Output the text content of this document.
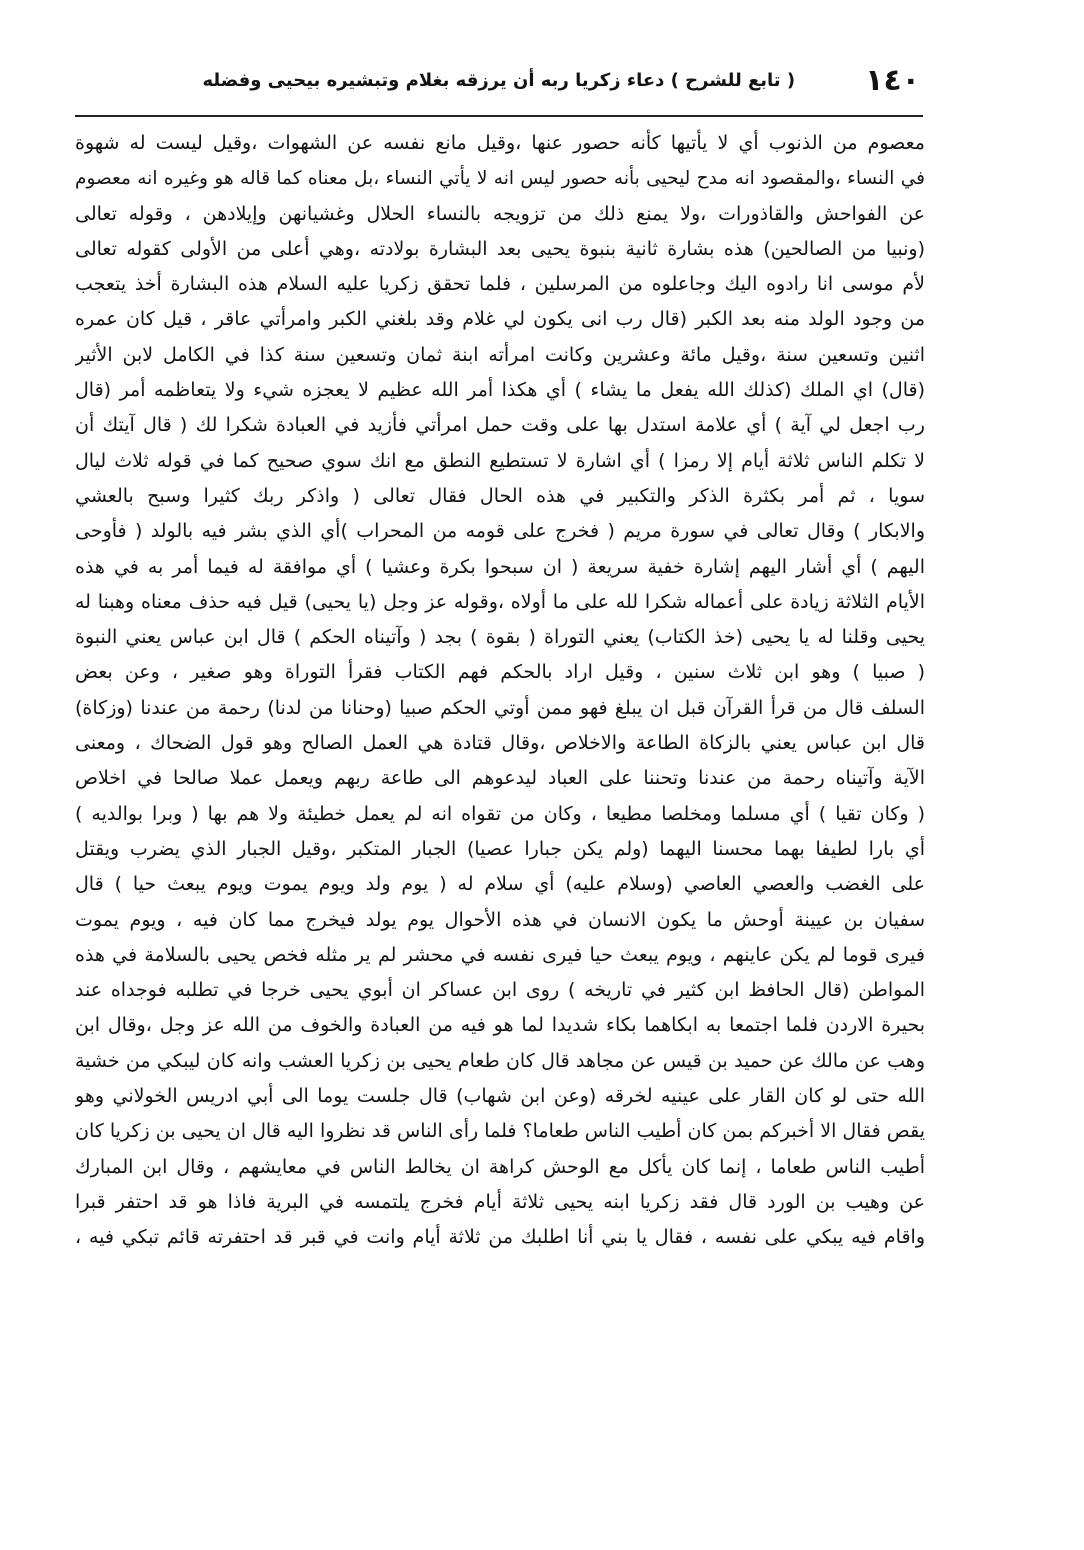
١٤٠
( تابع للشرح ) دعاء زكريا ربه أن يرزقه بغلام وتبشيره بيحيى وفضله
معصوم من الذنوب أي لا يأتيها كأنه حصور عنها ،وقيل مانع نفسه عن الشهوات ،وقيل ليست له شهوة
في النساء ،والمقصود انه مدح ليحيى بأنه حصور ليس انه لا يأتي النساء ،بل معناه كما قاله هو وغيره انه معصوم
عن الفواحش والقاذورات ،ولا يمنع ذلك من تزويجه بالنساء الحلال وغشيانهن وإيلادهن ، وقوله تعالى
(ونبيا من الصالحين) هذه بشارة ثانية بنبوة يحيى بعد البشارة بولادته ،وهي أعلى من الأولى كقوله تعالى
لأم موسى انا رادوه اليك وجاعلوه من المرسلين ، فلما تحقق زكريا عليه السلام هذه البشارة أخذ يتعجب
من وجود الولد منه بعد الكبر (قال رب انى يكون لي غلام وقد بلغني الكبر وامرأتي عاقر ، قيل كان عمره
اثنين وتسعين سنة ،وقيل مائة وعشرين وكانت امرأته ابنة ثمان وتسعين سنة كذا في الكامل لابن الأثير
(قال) اي الملك (كذلك الله يفعل ما يشاء ) أي هكذا أمر الله عظيم لا يعجزه شيء ولا يتعاظمه أمر (قال
رب اجعل لي آية ) أي علامة استدل بها على وقت حمل امرأتي فأزيد في العبادة شكرا لك ( قال آيتك أن
لا تكلم الناس ثلاثة أيام إلا رمزا ) أي اشارة لا تستطيع النطق مع انك سوي صحيح كما في قوله ثلاث ليال
سويا ، ثم أمر بكثرة الذكر والتكبير في هذه الحال فقال تعالى ( واذكر ربك كثيرا وسبح بالعشي
والابكار ) وقال تعالى في سورة مريم ( فخرج على قومه من المحراب )أي الذي بشر فيه بالولد ( فأوحى
اليهم ) أي أشار اليهم إشارة خفية سريعة ( ان سبحوا بكرة وعشيا ) أي موافقة له فيما أمر به في هذه
الأيام الثلاثة زيادة على أعماله شكرا لله على ما أولاه ،وقوله عز وجل (يا يحيى) قيل فيه حذف معناه وهبنا له
يحيى وقلنا له يا يحيى (خذ الكتاب) يعني التوراة ( بقوة ) بجد ( وآتيناه الحكم ) قال ابن عباس يعني النبوة
( صبيا ) وهو ابن ثلاث سنين ، وقيل اراد بالحكم فهم الكتاب فقرأ التوراة وهو صغير ، وعن بعض
السلف قال من قرأ القرآن قبل ان يبلغ فهو ممن أوتي الحكم صبيا (وحنانا من لدنا) رحمة من عندنا (وزكاة)
قال ابن عباس يعني بالزكاة الطاعة والاخلاص ،وقال قتادة هي العمل الصالح وهو قول الضحاك ، ومعنى
الآية وآتيناه رحمة من عندنا وتحننا على العباد ليدعوهم الى طاعة ربهم ويعمل عملا صالحا في اخلاص
( وكان تقيا ) أي مسلما ومخلصا مطيعا ، وكان من تقواه انه لم يعمل خطيئة ولا هم بها ( وبرا بوالديه )
أي بارا لطيفا بهما محسنا اليهما (ولم يكن جبارا عصيا) الجبار المتكبر ،وقيل الجبار الذي يضرب ويقتل
على الغضب والعصي العاصي (وسلام عليه) أي سلام له ( يوم ولد ويوم يموت ويوم يبعث حيا ) قال
سفيان بن عيينة أوحش ما يكون الانسان في هذه الأحوال يوم يولد فيخرج مما كان فيه ، ويوم يموت
فيرى قوما لم يكن عاينهم ، ويوم يبعث حيا فيرى نفسه في محشر لم ير مثله فخص يحيى بالسلامة في هذه
المواطن (قال الحافظ ابن كثير في تاريخه ) روى ابن عساكر ان أبوي يحيى خرجا في تطلبه فوجداه عند
بحيرة الاردن فلما اجتمعا به ابكاهما بكاء شديدا لما هو فيه من العبادة والخوف من الله عز وجل ،وقال ابن
وهب عن مالك عن حميد بن قيس عن مجاهد قال كان طعام يحيى بن زكريا العشب وانه كان ليبكي من خشية
الله حتى لو كان القار على عينيه لخرقه (وعن ابن شهاب) قال جلست يوما الى أبي ادريس الخولاني وهو
يقص فقال الا أخبركم بمن كان أطيب الناس طعاما؟ فلما رأى الناس قد نظروا اليه قال ان يحيى بن زكريا كان
أطيب الناس طعاما ، إنما كان يأكل مع الوحش كراهة ان يخالط الناس في معايشهم ، وقال ابن المبارك
عن وهيب بن الورد قال فقد زكريا ابنه يحيى ثلاثة أيام فخرج يلتمسه في البرية فاذا هو قد احتفر قبرا
واقام فيه يبكي على نفسه ، فقال يا بني أنا اطلبك من ثلاثة أيام وانت في قبر قد احتفرته قائم تبكي فيه ،
